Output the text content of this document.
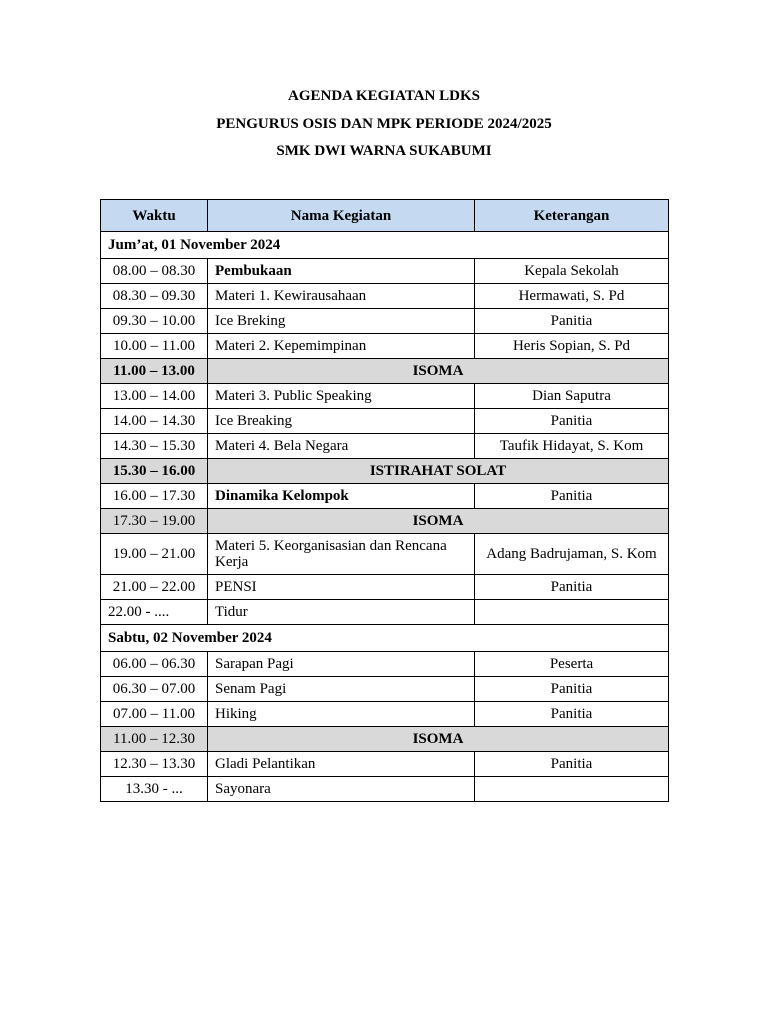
AGENDA KEGIATAN LDKS
PENGURUS OSIS DAN MPK PERIODE 2024/2025
SMK DWI WARNA SUKABUMI
Waktu	Nama Kegiatan	Keterangan
Jum’at, 01 November 2024		
08.00 – 08.30	Pembukaan	Kepala Sekolah
08.30 – 09.30	Materi 1. Kewirausahaan	Hermawati, S. Pd
09.30 – 10.00	Ice Breking	Panitia
10.00 – 11.00	Materi 2. Kepemimpinan	Heris Sopian, S. Pd
11.00 – 13.00	ISOMA	
13.00 – 14.00	Materi 3. Public Speaking	Dian Saputra
14.00 – 14.30	Ice Breaking	Panitia
14.30 – 15.30	Materi 4. Bela Negara	Taufik Hidayat, S. Kom
15.30 – 16.00	ISTIRAHAT SOLAT	
16.00 – 17.30	Dinamika Kelompok	Panitia
17.30 – 19.00	ISOMA	
19.00 – 21.00	Materi 5. Keorganisasian dan Rencana Kerja	Adang Badrujaman, S. Kom
21.00 – 22.00	PENSI	Panitia
22.00 - ....	Tidur	
Sabtu, 02 November 2024		
06.00 – 06.30	Sarapan Pagi	Peserta
06.30 – 07.00	Senam Pagi	Panitia
07.00 – 11.00	Hiking	Panitia
11.00 – 12.30	ISOMA	
12.30 – 13.30	Gladi Pelantikan	Panitia
13.30 - ...	Sayonara	
